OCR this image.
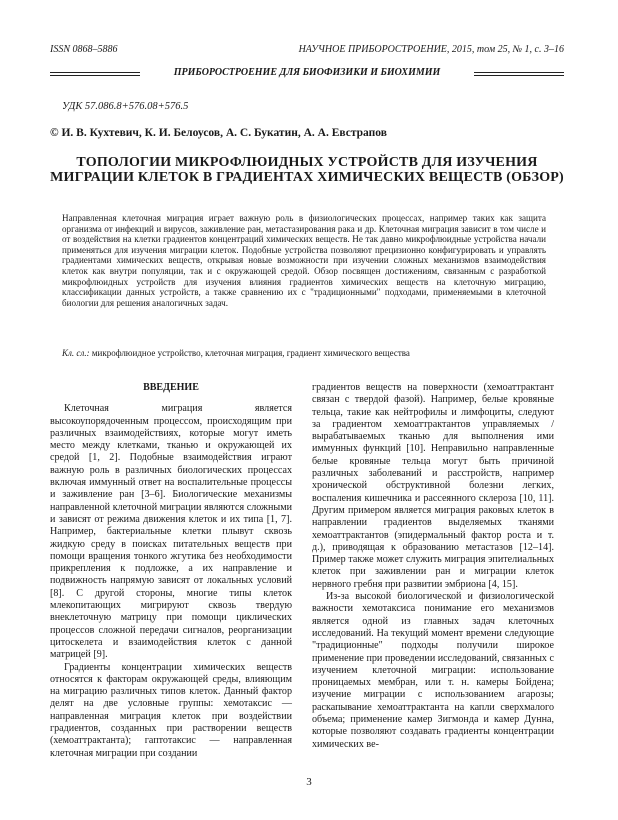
ISSN 0868–5886	НАУЧНОЕ ПРИБОРОСТРОЕНИЕ, 2015, том 25, № 1, c. 3–16
ПРИБОРОСТРОЕНИЕ ДЛЯ БИОФИЗИКИ И БИОХИМИИ
УДК 57.086.8+576.08+576.5
© И. В. Кухтевич, К. И. Белоусов, А. С. Букатин, А. А. Евстрапов
ТОПОЛОГИИ МИКРОФЛЮИДНЫХ УСТРОЙСТВ ДЛЯ ИЗУЧЕНИЯ МИГРАЦИИ КЛЕТОК В ГРАДИЕНТАХ ХИМИЧЕСКИХ ВЕЩЕСТВ (ОБЗОР)
Направленная клеточная миграция играет важную роль в физиологических процессах, например таких как защита организма от инфекций и вирусов, заживление ран, метастазирования рака и др. Клеточная миграция зависит в том числе и от воздействия на клетки градиентов концентраций химических веществ. Не так давно микрофлюидные устройства начали применяться для изучения миграции клеток. Подобные устройства позволяют прецизионно конфигурировать и управлять градиентами химических веществ, открывая новые возможности при изучении сложных механизмов взаимодействия клеток как внутри популяции, так и с окружающей средой. Обзор посвящен достижениям, связанным с разработкой микрофлюидных устройств для изучения влияния градиентов химических веществ на клеточную миграцию, классификации данных устройств, а также сравнению их с "традиционными" подходами, применяемыми в клеточной биологии для решения аналогичных задач.
Кл. сл.: микрофлюидное устройство, клеточная миграция, градиент химического вещества
ВВЕДЕНИЕ

Клеточная миграция является высокоупорядоченным процессом, происходящим при различных взаимодействиях, которые могут иметь место между клетками, тканью и окружающей их средой [1, 2]. Подобные взаимодействия играют важную роль в различных биологических процессах включая иммунный ответ на воспалительные процессы и заживление ран [3–6]. Биологические механизмы направленной клеточной миграции являются сложными и зависят от режима движения клеток и их типа [1, 7]. Например, бактериальные клетки плывут сквозь жидкую среду в поисках питательных веществ при помощи вращения тонкого жгутика без необходимости прикрепления к подложке, а их направление и подвижность напрямую зависят от локальных условий [8]. С другой стороны, многие типы клеток млекопитающих мигрируют сквозь твердую внеклеточную матрицу при помощи циклических процессов сложной передачи сигналов, реорганизации цитоскелета и взаимодействия клеток с данной матрицей [9].

Градиенты концентрации химических веществ относятся к факторам окружающей среды, влияющим на миграцию различных типов клеток. Данный фактор делят на две условные группы: хемотаксис — направленная миграция клеток при воздействии градиентов, созданных при растворении веществ (хемоаттрактанта); гаптотаксис — направленная клеточная миграции при создании

градиентов веществ на поверхности (хемоаттрактант связан с твердой фазой). Например, белые кровяные тельца, такие как нейтрофилы и лимфоциты, следуют за градиентом хемоаттрактантов управляемых / вырабатываемых тканью для выполнения ими иммунных функций [10]. Неправильно направленные белые кровяные тельца могут быть причиной различных заболеваний и расстройств, например хронической обструктивной болезни легких, воспаления кишечника и рассеянного склероза [10, 11]. Другим примером является миграция раковых клеток в направлении градиентов выделяемых тканями хемоаттрактантов (эпидермальный фактор роста и т. д.), приводящая к образованию метастазов [12–14]. Пример также может служить миграция эпителиальных клеток при заживлении ран и миграции клеток нервного гребня при развитии эмбриона [4, 15].

Из-за высокой биологической и физиологической важности хемотаксиса понимание его механизмов является одной из главных задач клеточных исследований. На текущий момент времени следующие "традиционные" подходы получили широкое применение при проведении исследований, связанных с изучением клеточной миграции: использование проницаемых мембран, или т. н. камеры Бойдена; изучение миграции с использованием агарозы; раскапывание хемоаттрактанта на капли сверхмалого объема; применение камер Зигмонда и камер Дунна, которые позволяют создавать градиенты концентрации химических ве-

3
